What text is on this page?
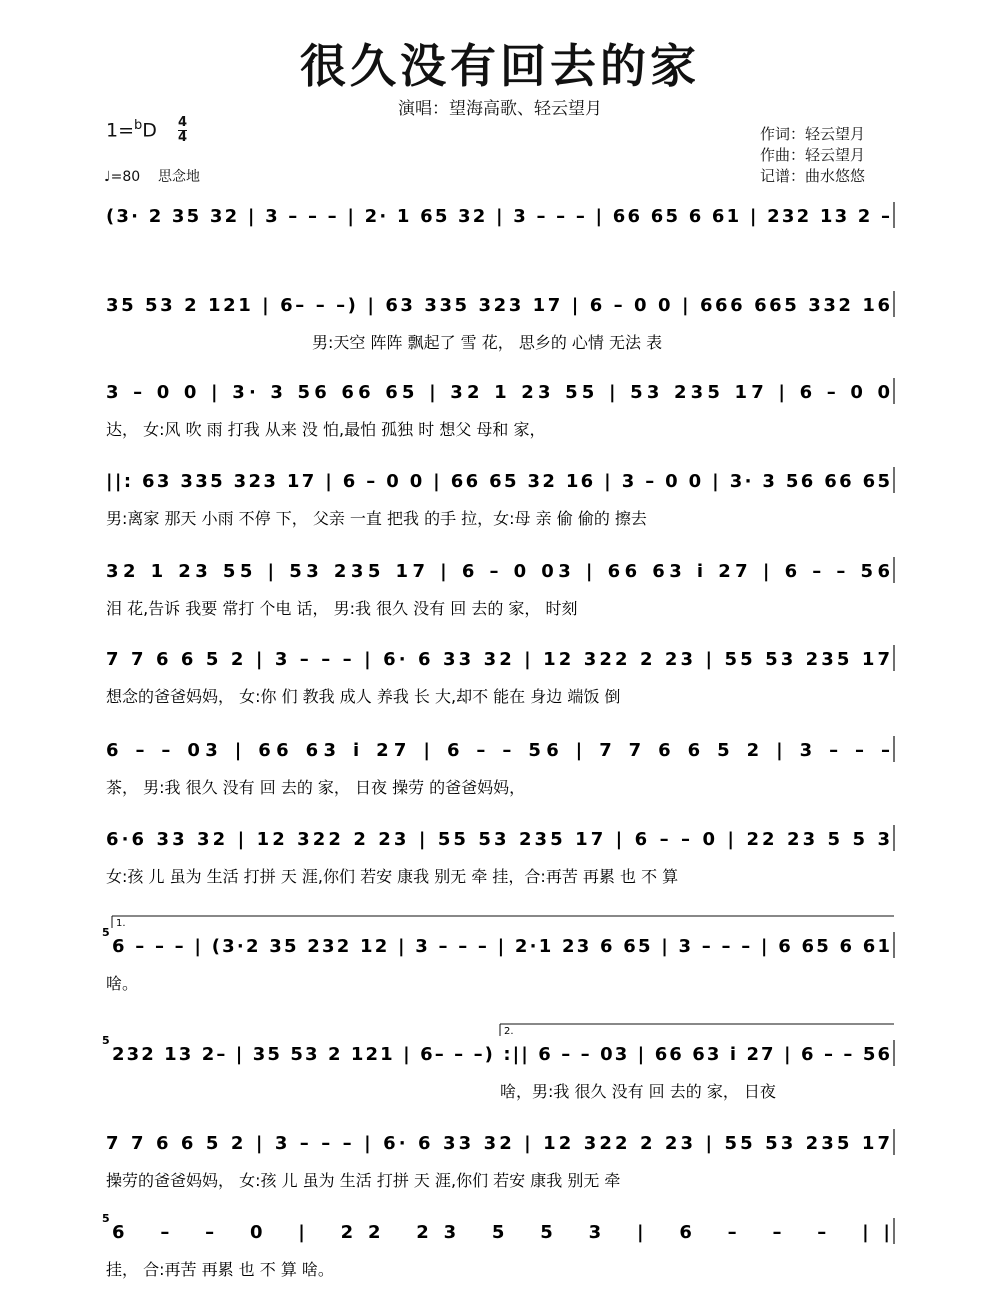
很久没有回去的家
演唱：望海高歌、轻云望月
1=$^b$D 4
4
♩=80 思念地
作词：轻云望月
作曲：轻云望月
记谱：曲水悠悠
(3· 2 35 32 | 3 – – – | 2· 1 65 32 | 3 – – – | 66 65 6 61 | 232 13 2 –
35 53 2 121 | 6– – –) | 63 335 323 17 | 6 – 0 0 | 666 665 332 16
男:天空 阵阵 飘起了 雪 花， 思乡的 心情 无法 表
3 – 0 0 | 3· 3 56 66 65 | 32 1 23 55 | 53 235 17 | 6 – 0 0
达， 女:风 吹 雨 打我 从来 没 怕,最怕 孤独 时 想父 母和 家，
||: 63 335 323 17 | 6 – 0 0 | 66 65 32 16 | 3 – 0 0 | 3· 3 56 66 65
男:离家 那天 小雨 不停 下， 父亲 一直 把我 的手 拉，女:母 亲 偷 偷的 擦去
32 1 23 55 | 53 235 17 | 6 – 0 03 | 66 63 i 27 | 6 – – 56
泪 花,告诉 我要 常打 个电 话， 男:我 很久 没有 回 去的 家， 时刻
7 7 6 6 5 2 | 3 – – – | 6· 6 33 32 | 12 322 2 23 | 55 53 235 17
想念的爸爸妈妈， 女:你 们 教我 成人 养我 长 大,却不 能在 身边 端饭 倒
6 – – 03 | 66 63 i 27 | 6 – – 56 | 7 7 6 6 5 2 | 3 – – –
茶， 男:我 很久 没有 回 去的 家， 日夜 操劳 的爸爸妈妈，
6·6 33 32 | 12 322 2 23 | 55 53 235 17 | 6 – – 0 | 22 23 5 5 3
女:孩 儿 虽为 生活 打拼 天 涯,你们 若安 康我 别无 牵 挂，合:再苦 再累 也 不 算
1.
5
6 – – – | (3·2 35 232 12 | 3 – – – | 2·1 23 6 65 | 3 – – – | 6 65 6 61
啥。
2.
5
232 13 2– | 35 53 2 121 | 6– – –) :|| 6 – – 03 | 66 63 i 27 | 6 – – 56
啥，男:我 很久 没有 回 去的 家， 日夜
7 7 6 6 5 2 | 3 – – – | 6· 6 33 32 | 12 322 2 23 | 55 53 235 17
操劳的爸爸妈妈， 女:孩 儿 虽为 生活 打拼 天 涯,你们 若安 康我 别无 牵
5
6 – – 0 | 22 23 5 5 3 | 6 – – – ||
挂， 合:再苦 再累 也 不 算 啥。
